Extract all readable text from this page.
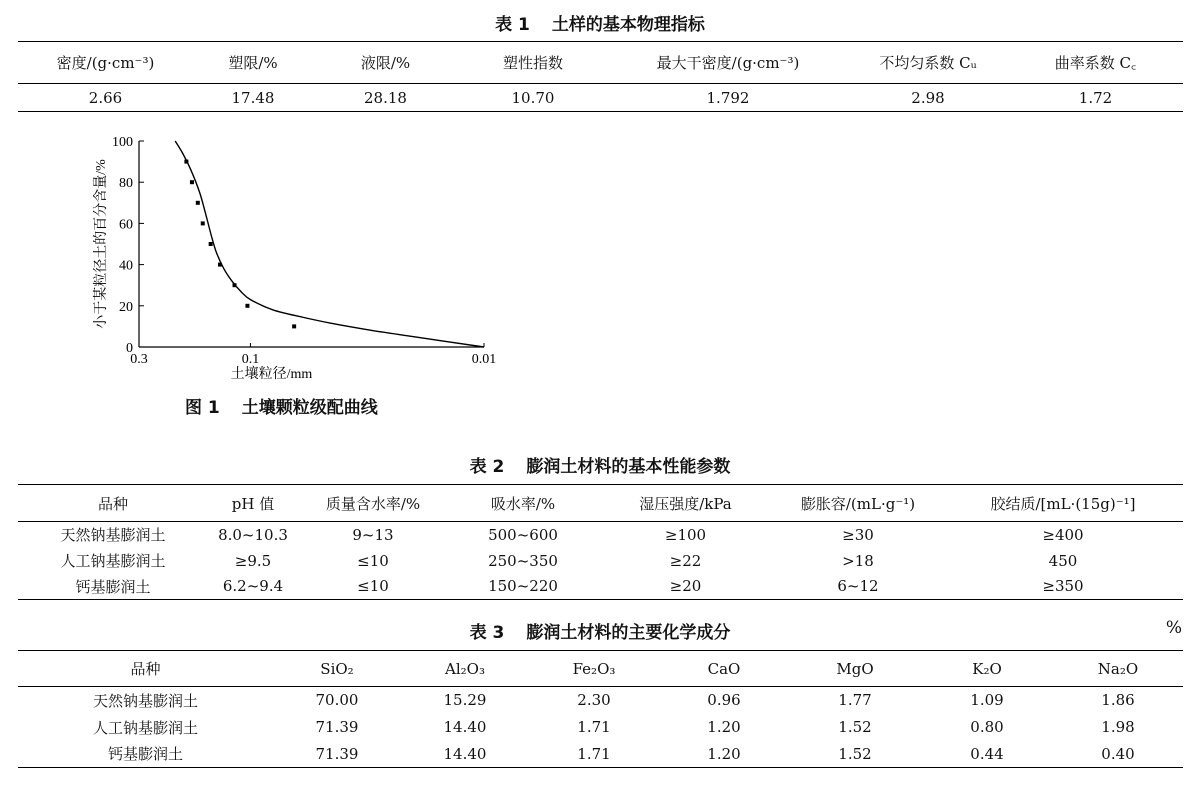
表 1 土样的基本物理指标
密度/(g·cm⁻³)	塑限/%	液限/%	塑性指数	最大干密度/(g·cm⁻³)	不均匀系数 Cᵤ	曲率系数 C꜀
2.66	17.48	28.18	10.70	1.792	2.98	1.72
0
20
40
60
80
100
0.3	0.1	0.01
土壤粒径/mm
小于某粒径土的百分含量/%
图 1 土壤颗粒级配曲线
表 2 膨润土材料的基本性能参数
品种	pH 值	质量含水率/%	吸水率/%	湿压强度/kPa	膨胀容/(mL·g⁻¹)	胶结质/[mL·(15g)⁻¹]
天然钠基膨润土	8.0~10.3	9~13	500~600	≥100	≥30	≥400
人工钠基膨润土	≥9.5	≤10	250~350	≥22	>18	450
钙基膨润土	6.2~9.4	≤10	150~220	≥20	6~12	≥350
表 3 膨润土材料的主要化学成分	%
品种	SiO₂	Al₂O₃	Fe₂O₃	CaO	MgO	K₂O	Na₂O
天然钠基膨润土	70.00	15.29	2.30	0.96	1.77	1.09	1.86
人工钠基膨润土	71.39	14.40	1.71	1.20	1.52	0.80	1.98
钙基膨润土	71.39	14.40	1.71	1.20	1.52	0.44	0.40
